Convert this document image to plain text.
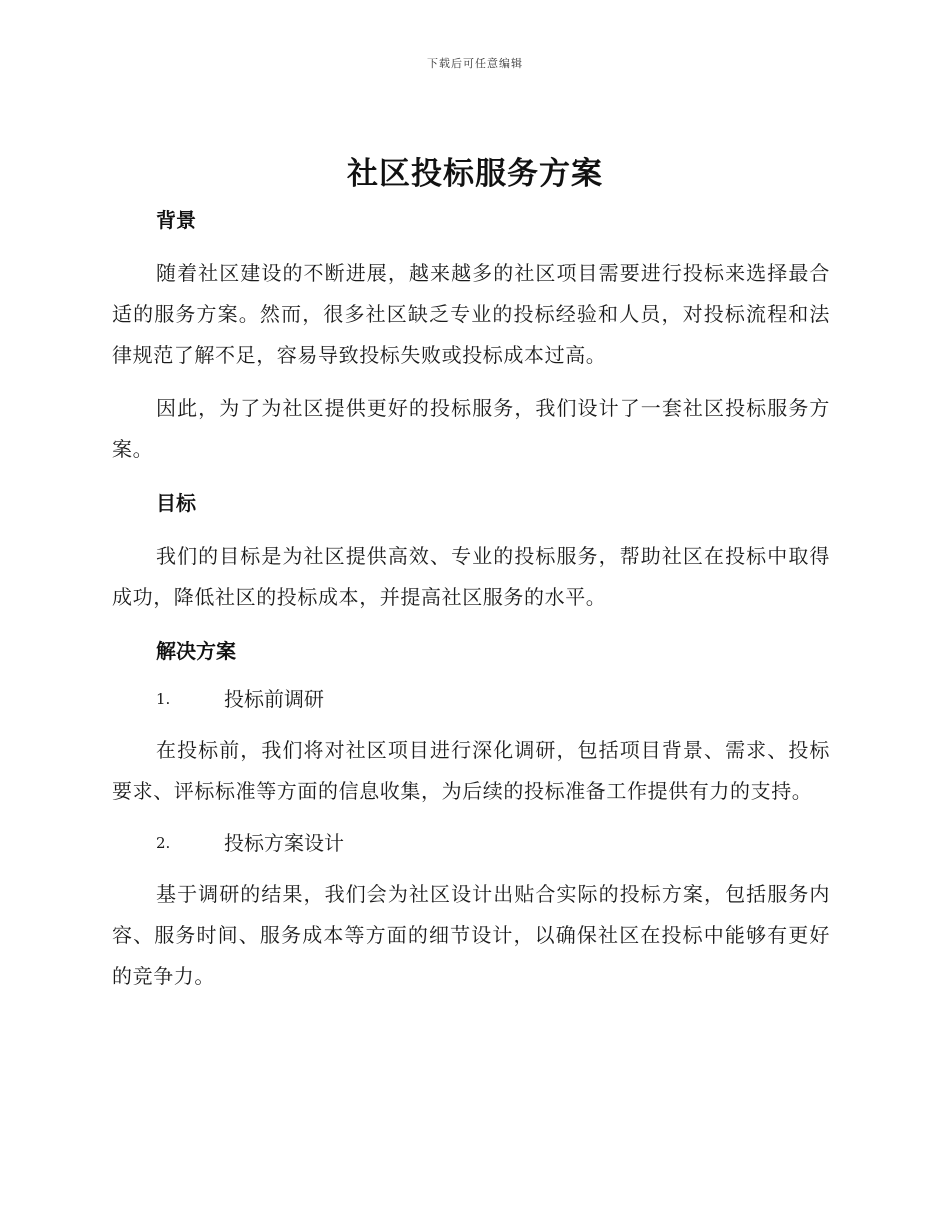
下载后可任意编辑
社区投标服务方案
背景
随着社区建设的不断进展，越来越多的社区项目需要进行投标来选择最合适的服务方案。然而，很多社区缺乏专业的投标经验和人员，对投标流程和法律规范了解不足，容易导致投标失败或投标成本过高。
因此，为了为社区提供更好的投标服务，我们设计了一套社区投标服务方案。
目标
我们的目标是为社区提供高效、专业的投标服务，帮助社区在投标中取得成功，降低社区的投标成本，并提高社区服务的水平。
解决方案
1.	投标前调研
在投标前，我们将对社区项目进行深化调研，包括项目背景、需求、投标要求、评标标准等方面的信息收集，为后续的投标准备工作提供有力的支持。
2.	投标方案设计
基于调研的结果，我们会为社区设计出贴合实际的投标方案，包括服务内容、服务时间、服务成本等方面的细节设计，以确保社区在投标中能够有更好的竞争力。
